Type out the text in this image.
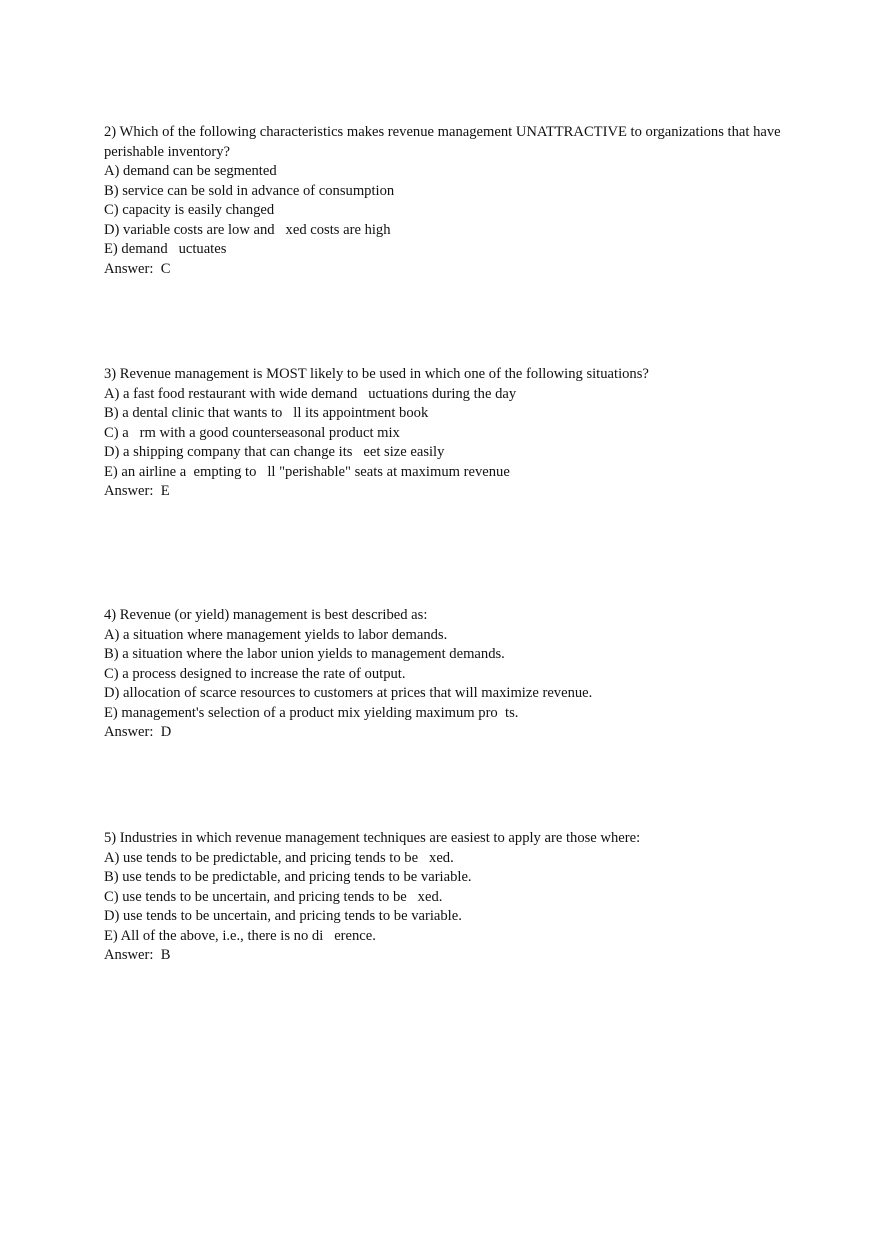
2) Which of the following characteristics makes revenue management UNATTRACTIVE to organizations that have perishable inventory?
A) demand can be segmented
B) service can be sold in advance of consumption
C) capacity is easily changed
D) variable costs are low and   xed costs are high
E) demand   uctuates
Answer:  C
3) Revenue management is MOST likely to be used in which one of the following situations?
A) a fast food restaurant with wide demand   uctuations during the day
B) a dental clinic that wants to   ll its appointment book
C) a   rm with a good counterseasonal product mix
D) a shipping company that can change its   eet size easily
E) an airline a  empting to   ll "perishable" seats at maximum revenue
Answer:  E
4) Revenue (or yield) management is best described as:
A) a situation where management yields to labor demands.
B) a situation where the labor union yields to management demands.
C) a process designed to increase the rate of output.
D) allocation of scarce resources to customers at prices that will maximize revenue.
E) management's selection of a product mix yielding maximum pro  ts.
Answer:  D
5) Industries in which revenue management techniques are easiest to apply are those where:
A) use tends to be predictable, and pricing tends to be   xed.
B) use tends to be predictable, and pricing tends to be variable.
C) use tends to be uncertain, and pricing tends to be   xed.
D) use tends to be uncertain, and pricing tends to be variable.
E) All of the above, i.e., there is no di   erence.
Answer:  B
